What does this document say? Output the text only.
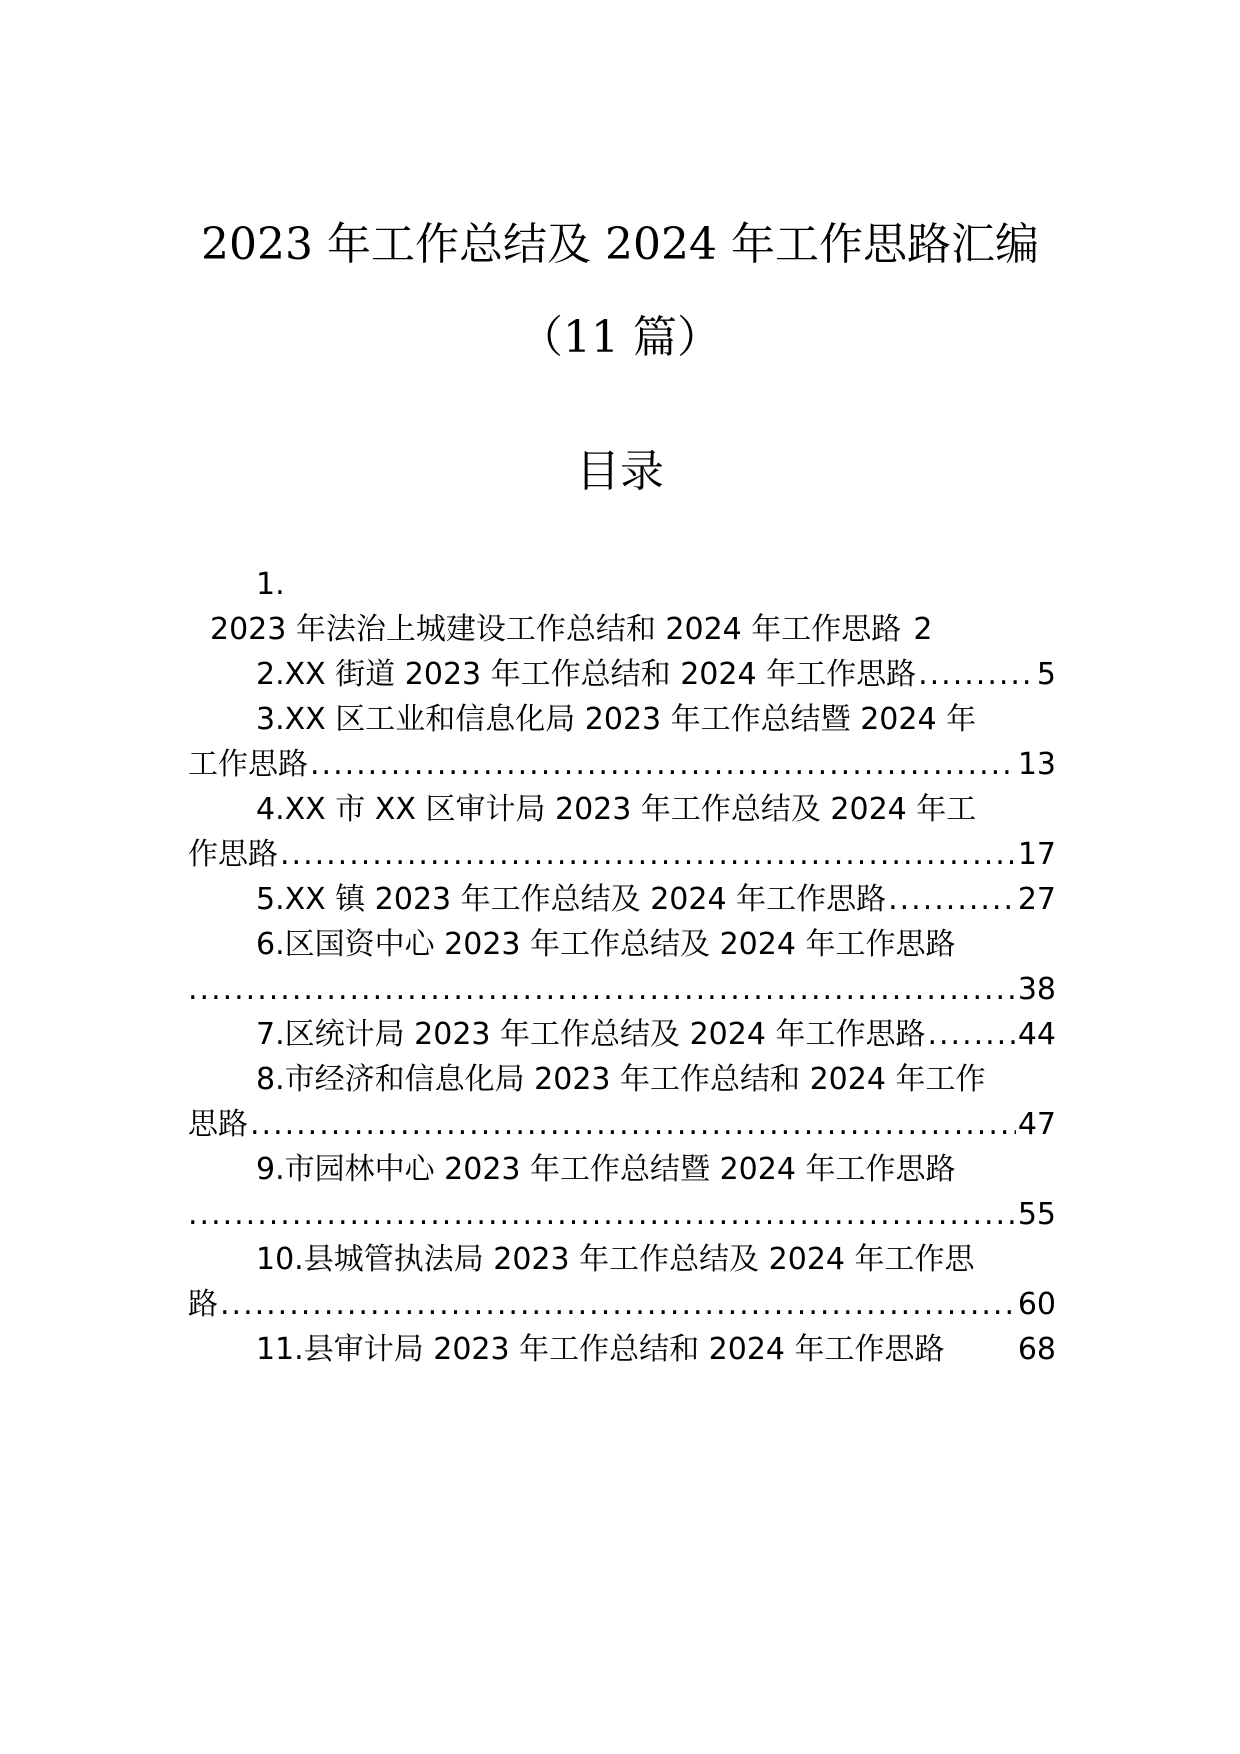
2023 年工作总结及 2024 年工作思路汇编
（11 篇）
目录
1.
2023 年法治上城建设工作总结和 2024 年工作思路 2
2. XX 街道 2023 年工作总结和 2024 年工作思路 .....	5
3. XX 区工业和信息化局 2023 年工作总结暨 2024 年
工作思路 .....	13
4. XX 市 XX 区审计局 2023 年工作总结及 2024 年工
作思路 .....	17
5. XX 镇 2023 年工作总结及 2024 年工作思路 .....	27
6. 区国资中心 2023 年工作总结及 2024 年工作思路
.....
38
7. 区统计局 2023 年工作总结及 2024 年工作思路 .....	44
8. 市经济和信息化局 2023 年工作总结和 2024 年工作
思路 .....	47
9. 市园林中心 2023 年工作总结暨 2024 年工作思路
.....
55
10. 县城管执法局 2023 年工作总结及 2024 年工作思
路 .....	60
11. 县审计局 2023 年工作总结和 2024 年工作思路 68
